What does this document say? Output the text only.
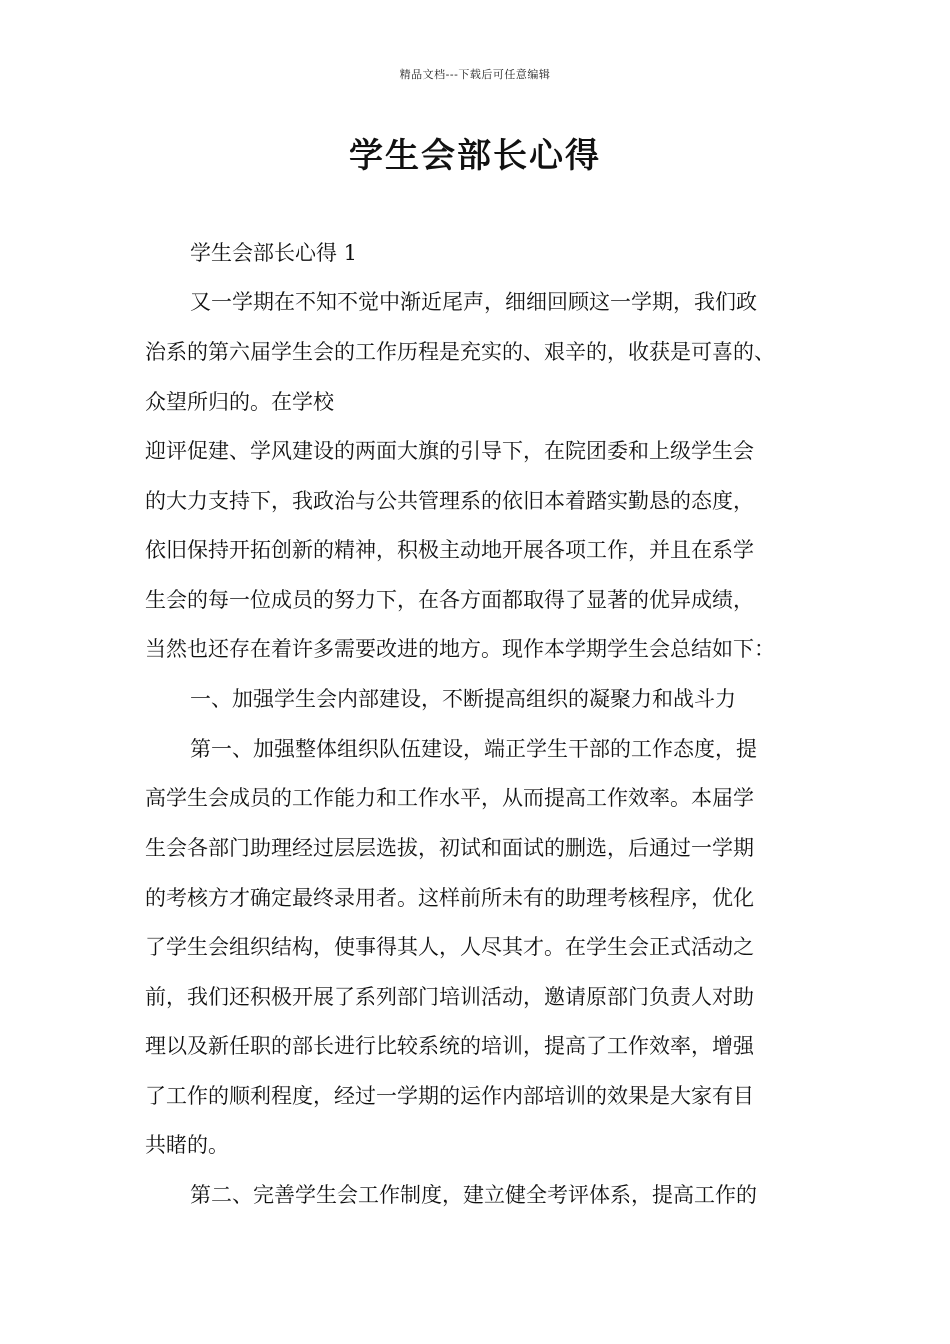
精品文档---下载后可任意编辑
学生会部长心得

学生会部长心得 1

又一学期在不知不觉中渐近尾声，细细回顾这一学期，我们政

治系的第六届学生会的工作历程是充实的、艰辛的，收获是可喜的、

众望所归的。在学校

迎评促建、学风建设的两面大旗的引导下，在院团委和上级学生会

的大力支持下，我政治与公共管理系的依旧本着踏实勤恳的态度，

依旧保持开拓创新的精神，积极主动地开展各项工作，并且在系学

生会的每一位成员的努力下，在各方面都取得了显著的优异成绩，

当然也还存在着许多需要改进的地方。现作本学期学生会总结如下：

一、加强学生会内部建设，不断提高组织的凝聚力和战斗力

第一、加强整体组织队伍建设，端正学生干部的工作态度，提

高学生会成员的工作能力和工作水平，从而提高工作效率。本届学

生会各部门助理经过层层选拔，初试和面试的删选，后通过一学期

的考核方才确定最终录用者。这样前所未有的助理考核程序，优化

了学生会组织结构，使事得其人，人尽其才。在学生会正式活动之

前，我们还积极开展了系列部门培训活动，邀请原部门负责人对助

理以及新任职的部长进行比较系统的培训，提高了工作效率，增强

了工作的顺利程度，经过一学期的运作内部培训的效果是大家有目

共睹的。

第二、完善学生会工作制度，建立健全考评体系，提高工作的
